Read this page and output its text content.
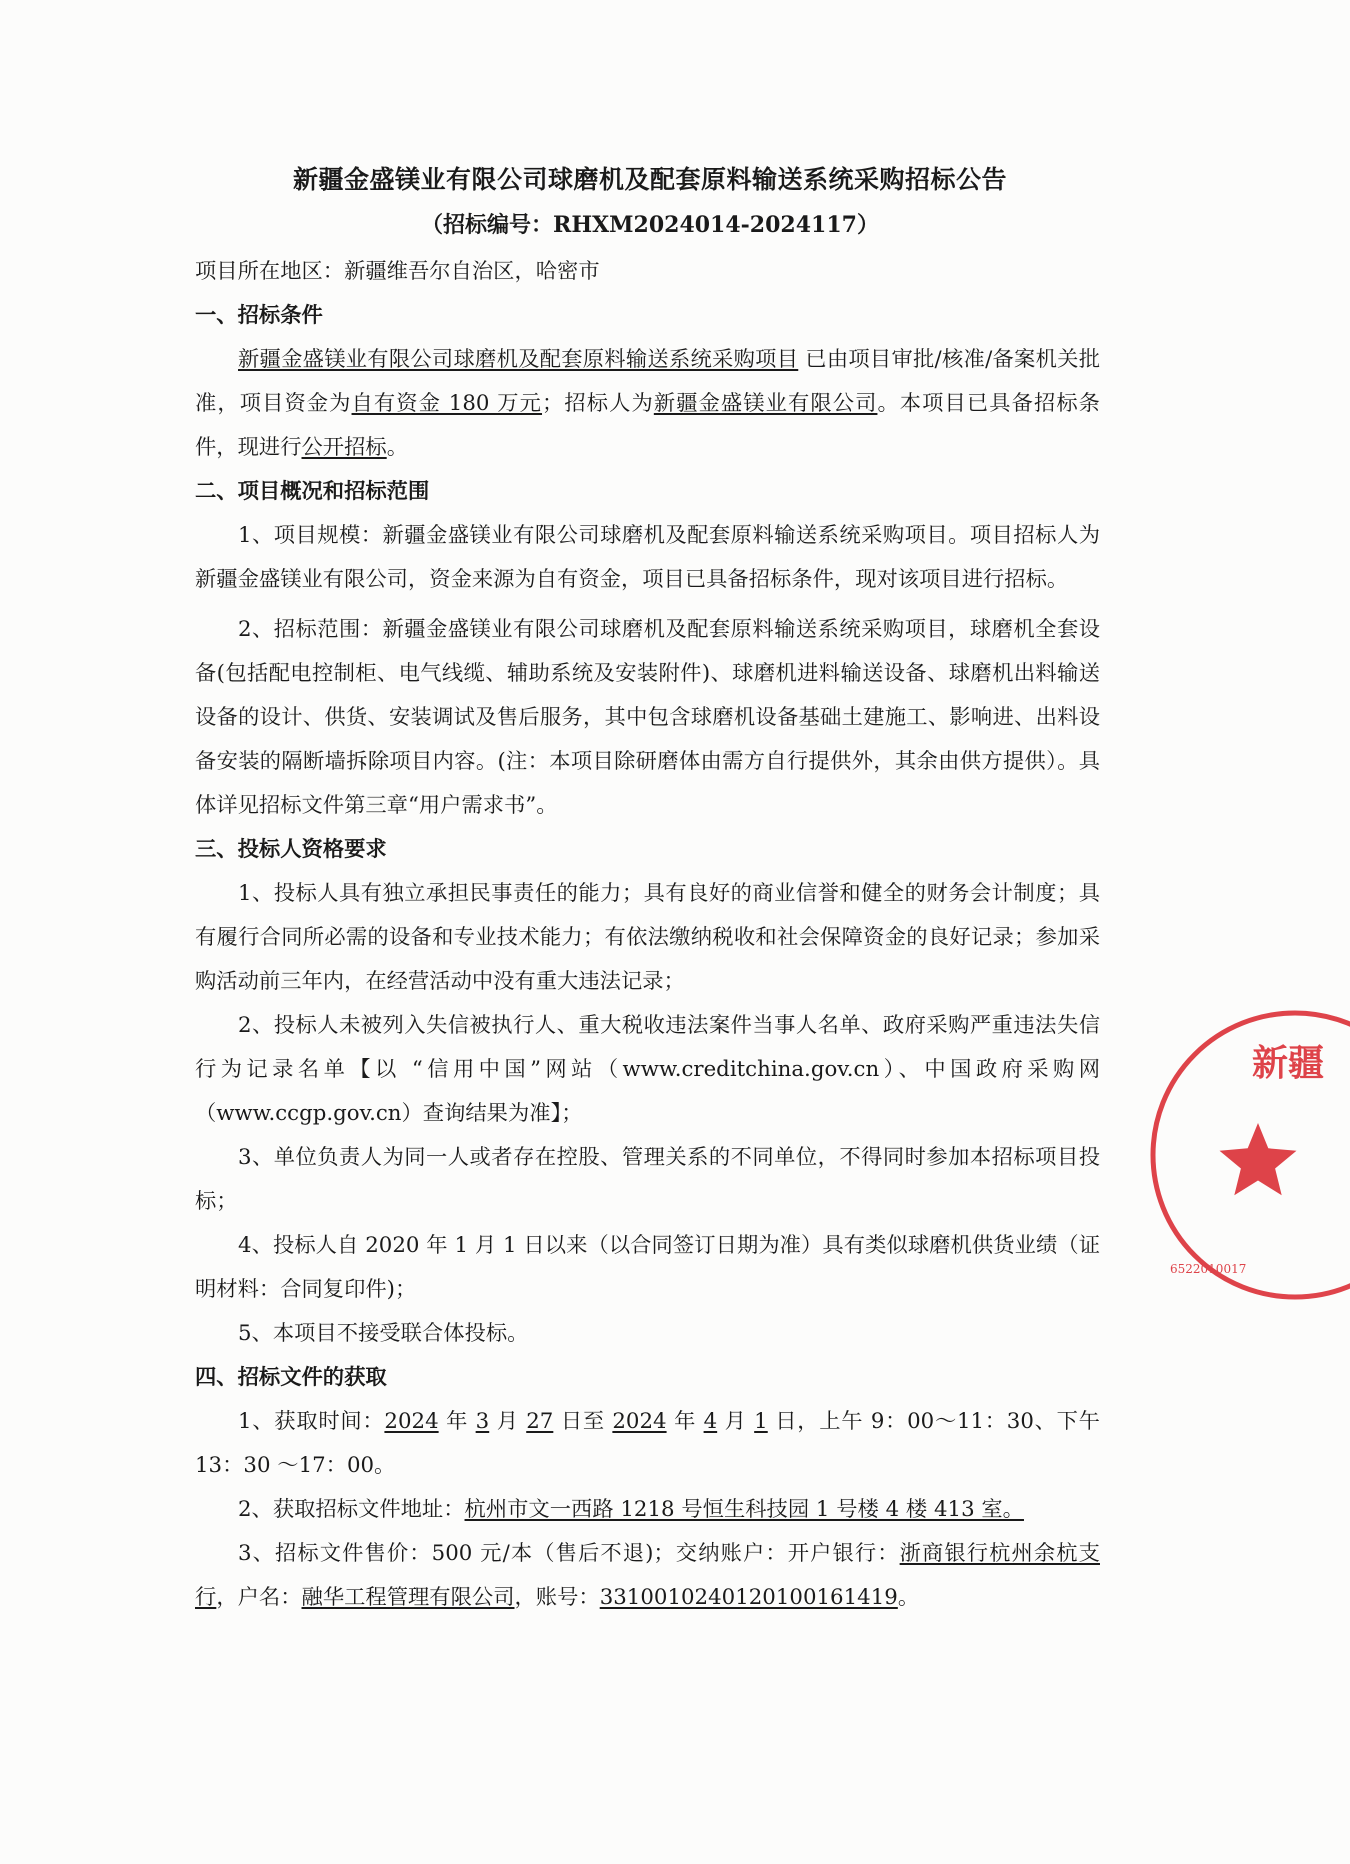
新疆金盛镁业有限公司球磨机及配套原料输送系统采购招标公告
（招标编号：RHXM2024014-2024117）

项目所在地区：新疆维吾尔自治区，哈密市

一、招标条件

新疆金盛镁业有限公司球磨机及配套原料输送系统采购项目 已由项目审批/核准/备案机关批准，项目资金为自有资金 180 万元；招标人为新疆金盛镁业有限公司。本项目已具备招标条件，现进行公开招标。

二、项目概况和招标范围

1、项目规模：新疆金盛镁业有限公司球磨机及配套原料输送系统采购项目。项目招标人为新疆金盛镁业有限公司，资金来源为自有资金，项目已具备招标条件，现对该项目进行招标。

2、招标范围：新疆金盛镁业有限公司球磨机及配套原料输送系统采购项目，球磨机全套设备(包括配电控制柜、电气线缆、辅助系统及安装附件)、球磨机进料输送设备、球磨机出料输送设备的设计、供货、安装调试及售后服务，其中包含球磨机设备基础土建施工、影响进、出料设备安装的隔断墙拆除项目内容。(注：本项目除研磨体由需方自行提供外，其余由供方提供）。具体详见招标文件第三章“用户需求书”。

三、投标人资格要求

1、投标人具有独立承担民事责任的能力；具有良好的商业信誉和健全的财务会计制度；具有履行合同所必需的设备和专业技术能力；有依法缴纳税收和社会保障资金的良好记录；参加采购活动前三年内，在经营活动中没有重大违法记录；

2、投标人未被列入失信被执行人、重大税收违法案件当事人名单、政府采购严重违法失信行为记录名单【以 “信用中国”网站（www.creditchina.gov.cn）、中国政府采购网（www.ccgp.gov.cn）查询结果为准】；

3、单位负责人为同一人或者存在控股、管理关系的不同单位，不得同时参加本招标项目投标；

4、投标人自 2020 年 1 月 1 日以来（以合同签订日期为准）具有类似球磨机供货业绩（证明材料：合同复印件)；

5、本项目不接受联合体投标。

四、招标文件的获取

1、获取时间：2024 年 3 月 27 日至 2024 年 4 月 1 日，上午 9：00～11：30、下午 13：30 ～17：00。

2、获取招标文件地址：杭州市文一西路 1218 号恒生科技园 1 号楼 4 楼 413 室。

3、招标文件售价：500 元/本（售后不退)；交纳账户：开户银行：浙商银行杭州余杭支行，户名：融华工程管理有限公司，账号：3310010240120100161419。

新疆
6522010017
